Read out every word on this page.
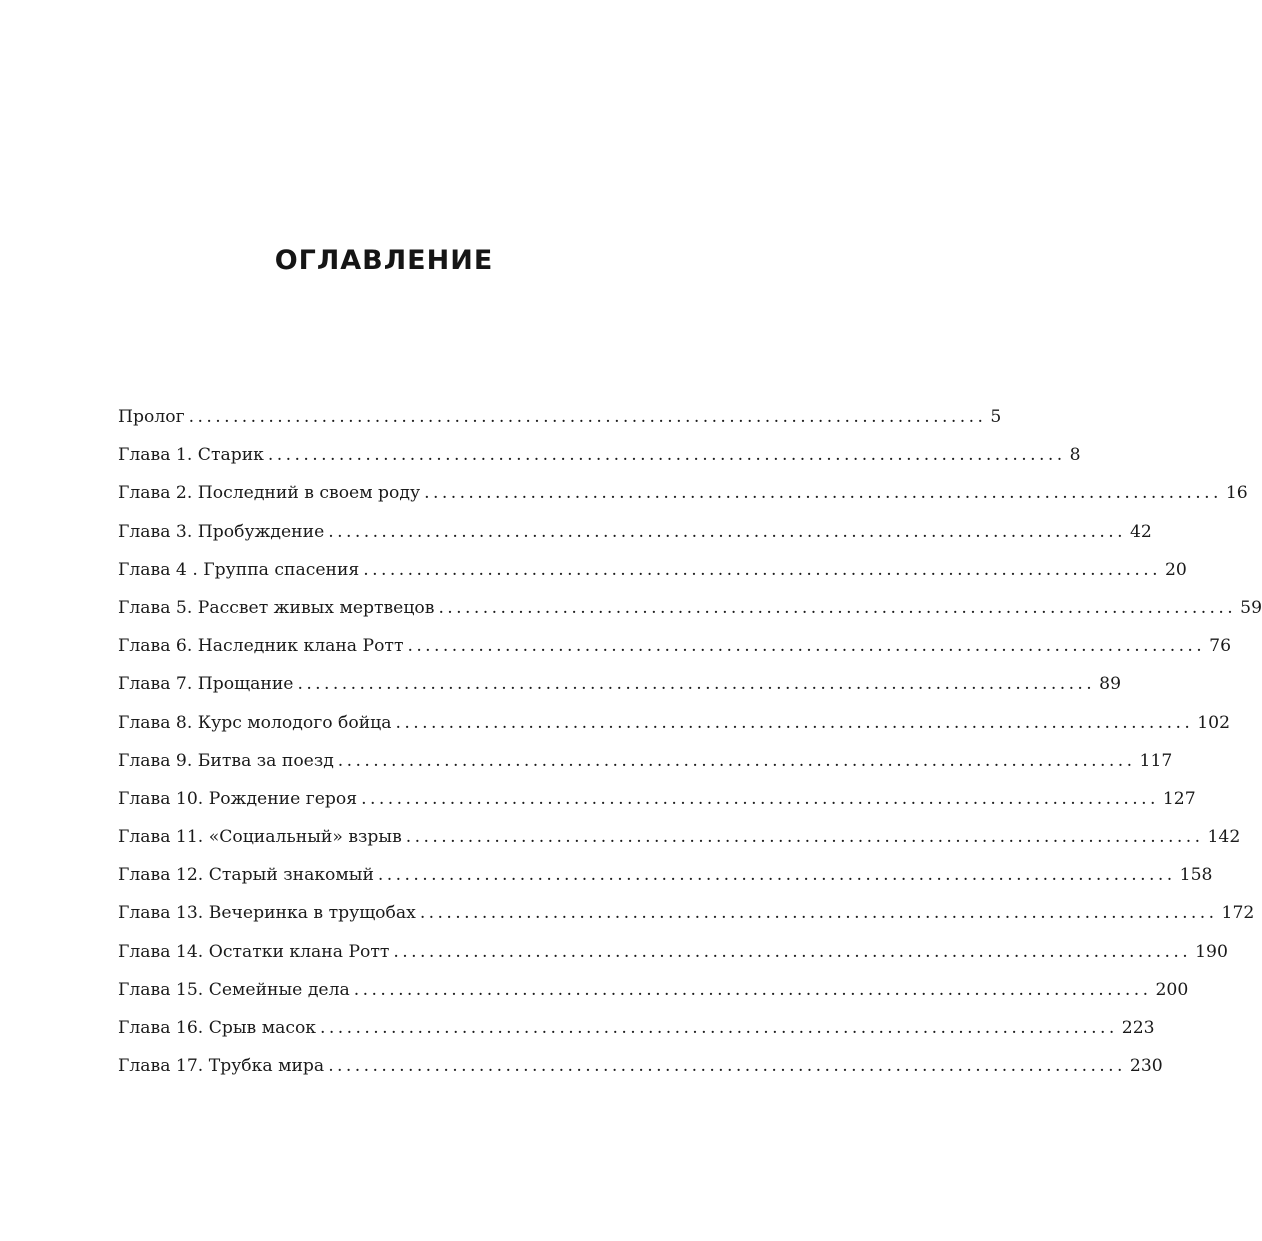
ОГЛАВЛЕНИЕ
Пролог .......................................................................................... 5
Глава 1. Старик .......................................................................................... 8
Глава 2. Последний в своем роду .......................................................................................... 16
Глава 3. Пробуждение .......................................................................................... 42
Глава 4 . Группа спасения .......................................................................................... 20
Глава 5. Рассвет живых мертвецов .......................................................................................... 59
Глава 6. Наследник клана Ротт .......................................................................................... 76
Глава 7. Прощание .......................................................................................... 89
Глава 8. Курс молодого бойца .......................................................................................... 102
Глава 9. Битва за поезд .......................................................................................... 117
Глава 10. Рождение героя .......................................................................................... 127
Глава 11. «Социальный» взрыв .......................................................................................... 142
Глава 12. Старый знакомый .......................................................................................... 158
Глава 13. Вечеринка в трущобах .......................................................................................... 172
Глава 14. Остатки клана Ротт .......................................................................................... 190
Глава 15. Семейные дела .......................................................................................... 200
Глава 16. Срыв масок .......................................................................................... 223
Глава 17. Трубка мира .......................................................................................... 230
